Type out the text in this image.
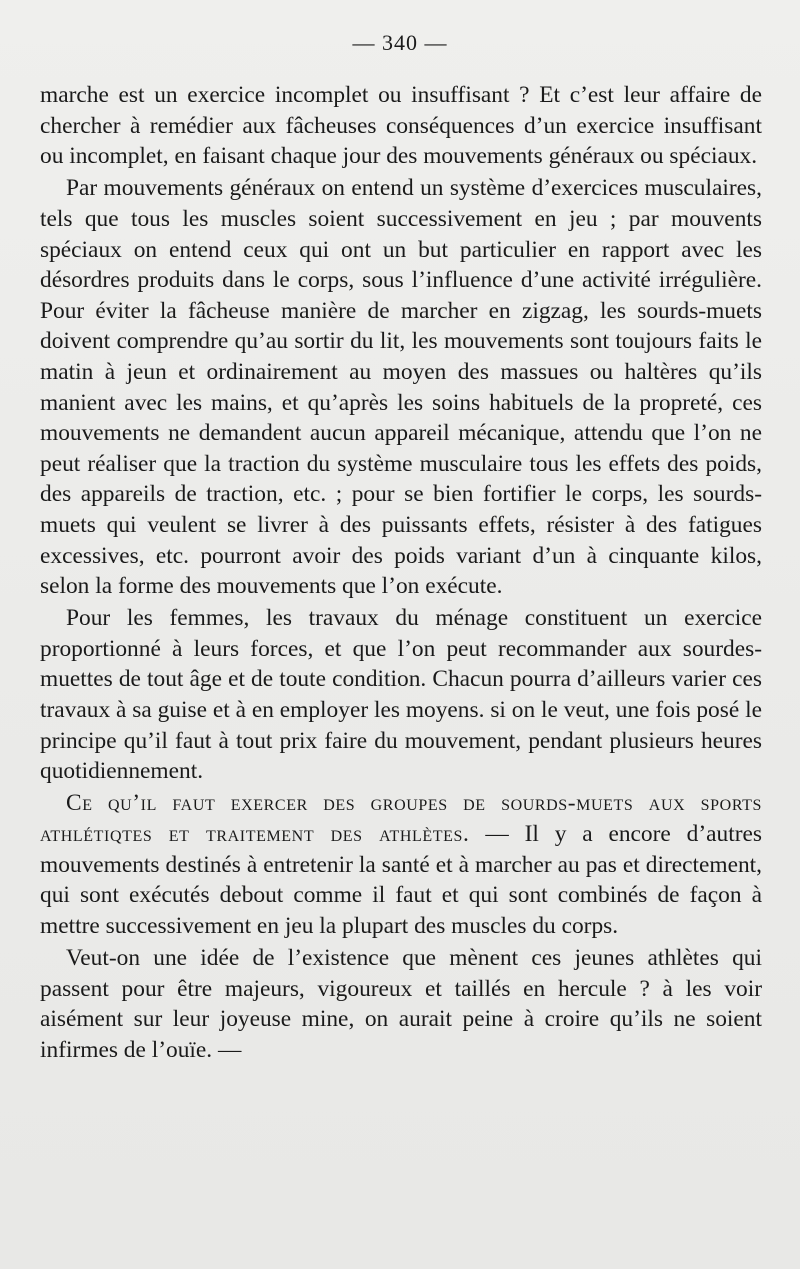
— 340 —

marche est un exercice incomplet ou insuffisant ? Et c’est leur affaire de chercher à remédier aux fâcheuses conséquences d’un exercice insuffisant ou incomplet, en faisant chaque jour des mouvements généraux ou spéciaux.

Par mouvements généraux on entend un système d’exercices musculaires, tels que tous les muscles soient successivement en jeu ; par mouvents spéciaux on entend ceux qui ont un but particulier en rapport avec les désordres produits dans le corps, sous l’influence d’une activité irrégulière. Pour éviter la fâcheuse manière de marcher en zigzag, les sourds-muets doivent comprendre qu’au sortir du lit, les mouvements sont toujours faits le matin à jeun et ordinairement au moyen des massues ou haltères qu’ils manient avec les mains, et qu’après les soins habituels de la propreté, ces mouvements ne demandent aucun appareil mécanique, attendu que l’on ne peut réaliser que la traction du système musculaire tous les effets des poids, des appareils de traction, etc. ; pour se bien fortifier le corps, les sourds-muets qui veulent se livrer à des puissants effets, résister à des fatigues excessives, etc. pourront avoir des poids variant d’un à cinquante kilos, selon la forme des mouvements que l’on exécute.

Pour les femmes, les travaux du ménage constituent un exercice proportionné à leurs forces, et que l’on peut recommander aux sourdes-muettes de tout âge et de toute condition. Chacun pourra d’ailleurs varier ces travaux à sa guise et à en employer les moyens. si on le veut, une fois posé le principe qu’il faut à tout prix faire du mouvement, pendant plusieurs heures quotidiennement.

Ce qu’il faut exercer des groupes de sourds-muets aux sports athlétiqtes et traitement des athlètes. — Il y a encore d’autres mouvements destinés à entretenir la santé et à marcher au pas et directement, qui sont exécutés debout comme il faut et qui sont combinés de façon à mettre successivement en jeu la plupart des muscles du corps.

Veut-on une idée de l’existence que mènent ces jeunes athlètes qui passent pour être majeurs, vigoureux et taillés en hercule ? à les voir aisément sur leur joyeuse mine, on aurait peine à croire qu’ils ne soient infirmes de l’ouïe. —
